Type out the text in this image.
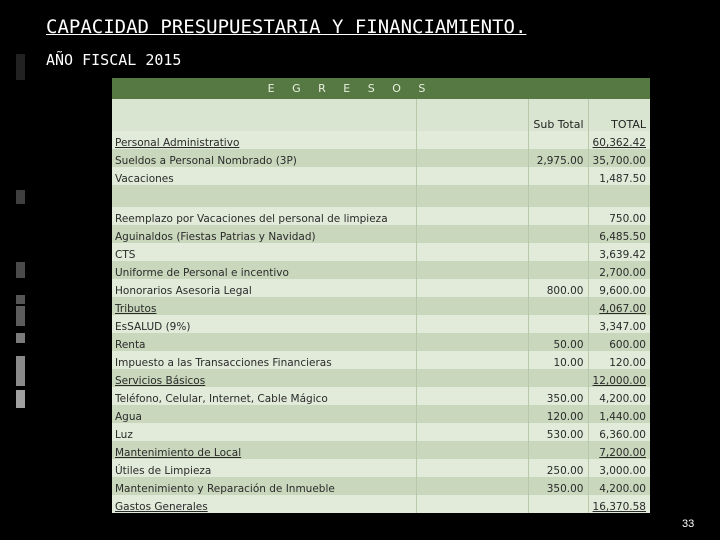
CAPACIDAD PRESUPUESTARIA Y FINANCIAMIENTO.
AÑO FISCAL 2015
E G R E S O S			
		Sub Total	TOTAL
Personal Administrativo			60,362.42
Sueldos a Personal Nombrado (3P)		2,975.00	35,700.00
Vacaciones			1,487.50

Reemplazo por Vacaciones del personal de limpieza			750.00
Aguinaldos (Fiestas Patrias y Navidad)			6,485.50
CTS			3,639.42
Uniforme de Personal e incentivo			2,700.00
Honorarios Asesoria Legal		800.00	9,600.00
Tributos			4,067.00
EsSALUD (9%)			3,347.00
Renta		50.00	600.00
Impuesto a las Transacciones Financieras		10.00	120.00
Servicios Básicos			12,000.00
Teléfono, Celular, Internet, Cable Mágico		350.00	4,200.00
Agua		120.00	1,440.00
Luz		530.00	6,360.00
Mantenimiento de Local			7,200.00
Útiles de Limpieza		250.00	3,000.00
Mantenimiento y Reparación de Inmueble		350.00	4,200.00
Gastos Generales			16,370.58
33
